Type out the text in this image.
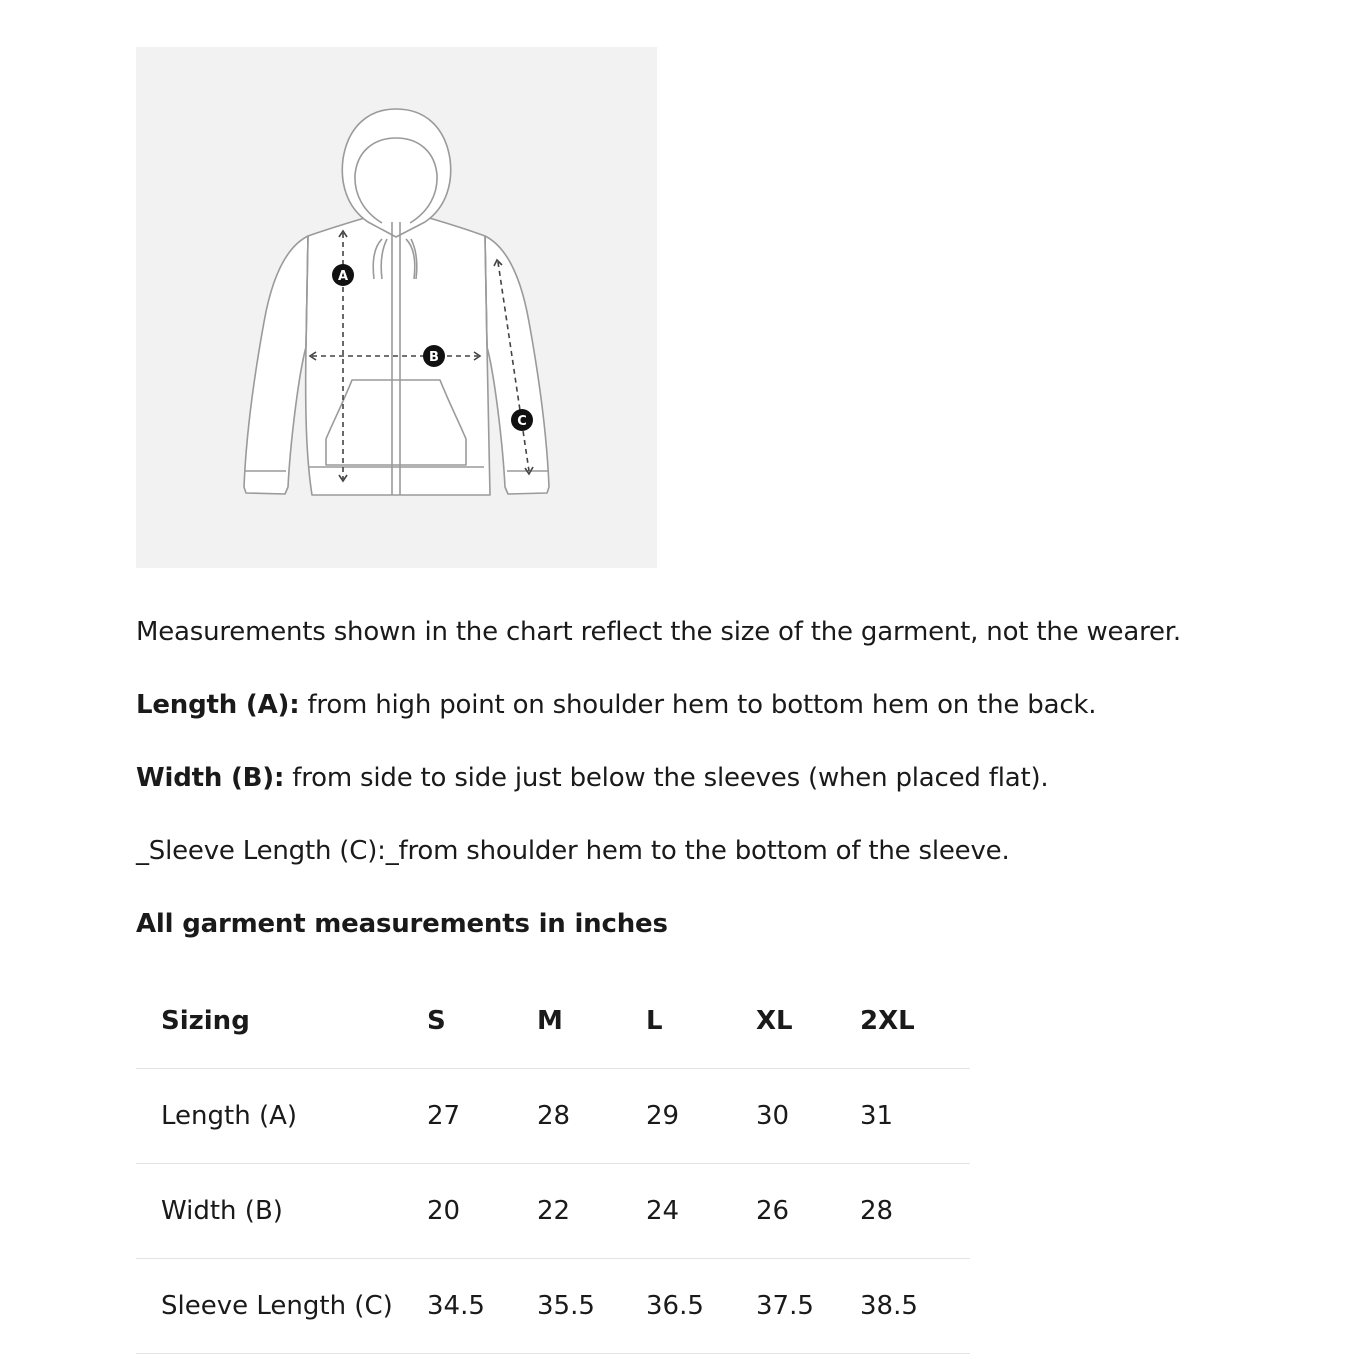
A
B
C

Measurements shown in the chart reflect the size of the garment, not the wearer.

Length (A): from high point on shoulder hem to bottom hem on the back.

Width (B): from side to side just below the sleeves (when placed flat).

_Sleeve Length (C):_from shoulder hem to the bottom of the sleeve.

All garment measurements in inches

Sizing	S	M	L	XL	2XL
Length (A)	27	28	29	30	31
Width (B)	20	22	24	26	28
Sleeve Length (C)	34.5	35.5	36.5	37.5	38.5
